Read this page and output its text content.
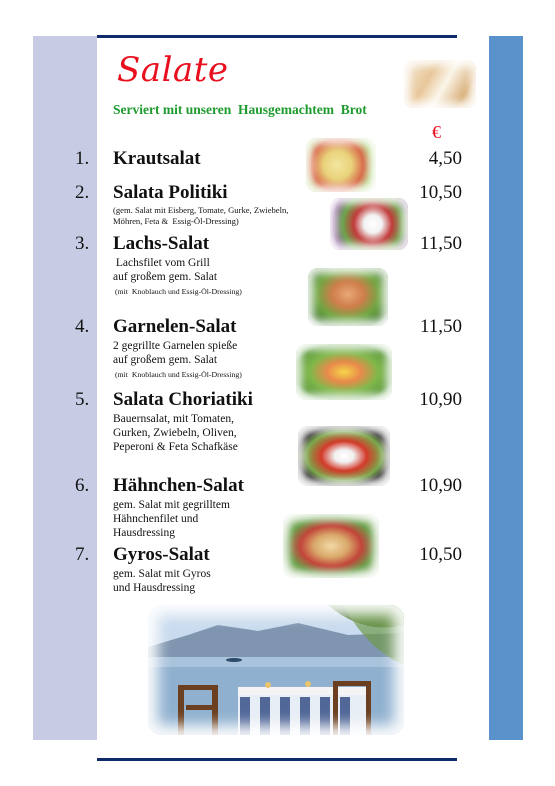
Salate
Serviert mit unseren  Hausgemachtem  Brot
€
1. Krautsalat	4,50
2. Salata Politiki	10,50
(gem. Salat mit Eisberg, Tomate, Gurke, Zwiebeln,
Möhren, Feta &  Essig-Öl-Dressing)
3. Lachs-Salat	11,50
Lachsfilet vom Grill
auf großem gem. Salat
(mit  Knoblauch und Essig-Öl-Dressing)
4. Garnelen-Salat	11,50
2 gegrillte Garnelen spieße
auf großem gem. Salat
(mit  Knoblauch und Essig-Öl-Dressing)
5. Salata Choriatiki	10,90
Bauernsalat, mit Tomaten,
Gurken, Zwiebeln, Oliven,
Peperoni & Feta Schafkäse
6. Hähnchen-Salat	10,90
gem. Salat mit gegrilltem
Hähnchenfilet und
Hausdressing
7. Gyros-Salat	10,50
gem. Salat mit Gyros
und Hausdressing
